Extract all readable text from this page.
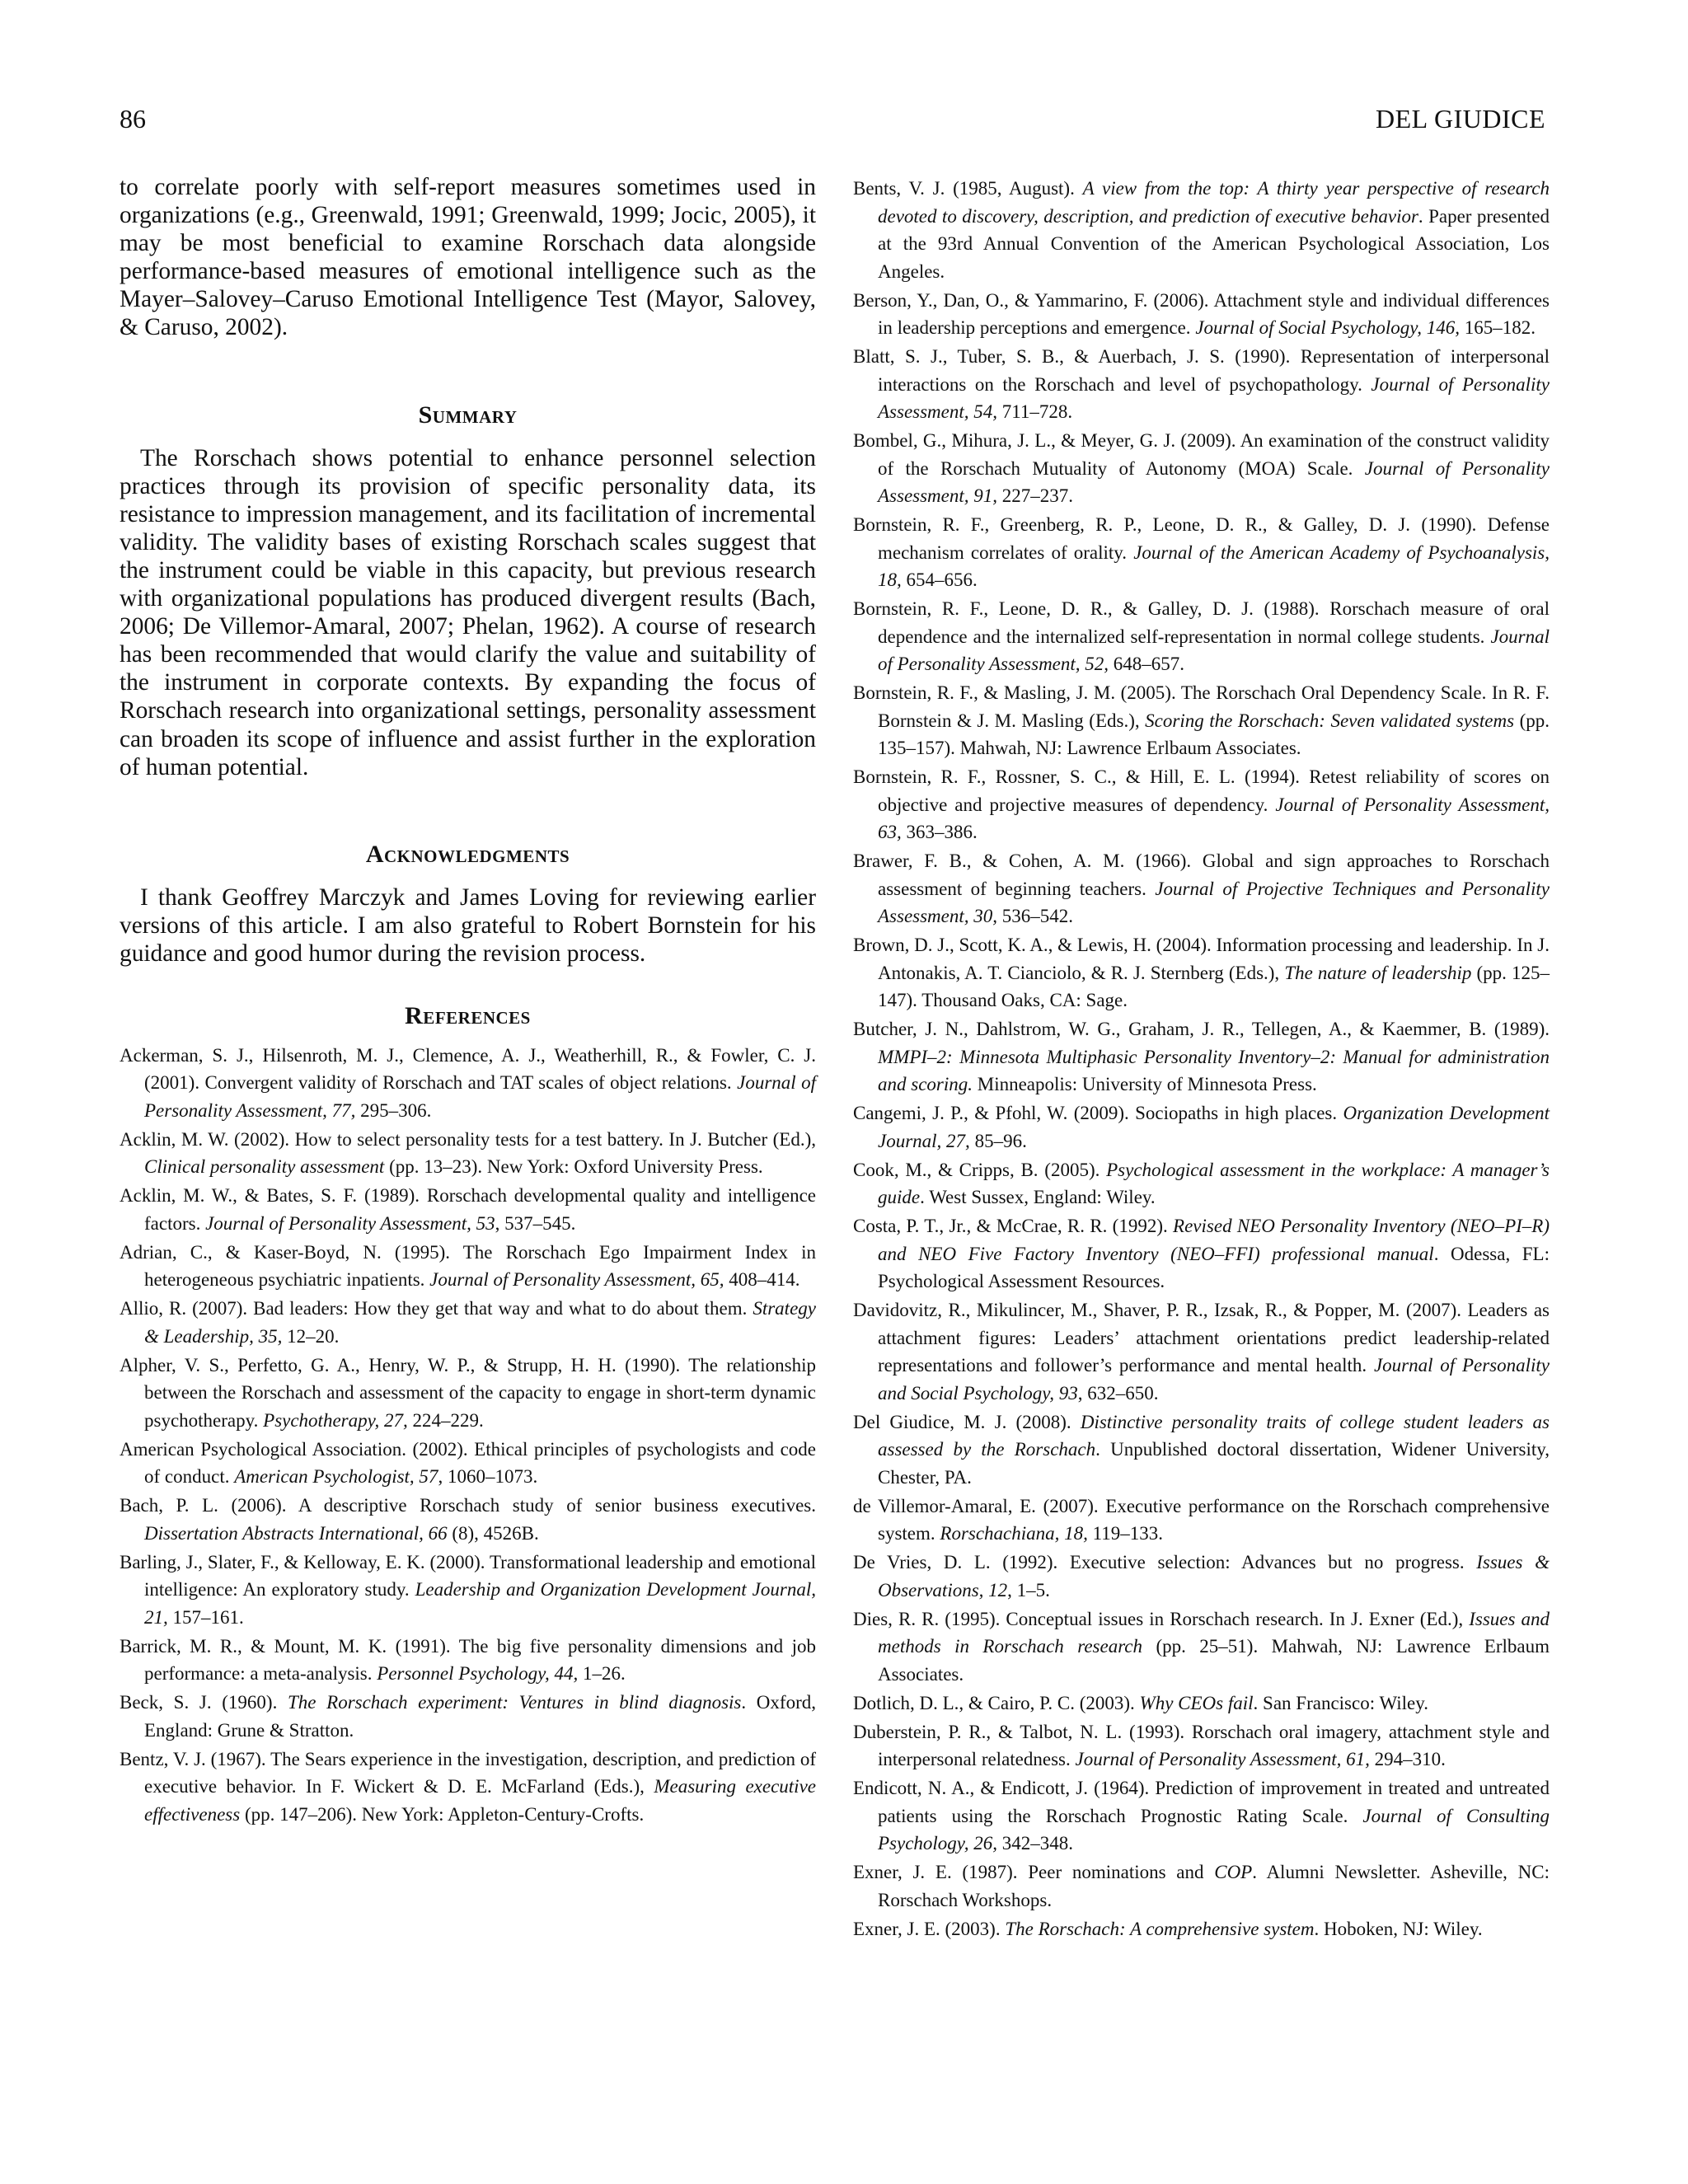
86	DEL GIUDICE

to correlate poorly with self-report measures sometimes used in organizations (e.g., Greenwald, 1991; Greenwald, 1999; Jocic, 2005), it may be most beneficial to examine Rorschach data alongside performance-based measures of emotional intelligence such as the Mayer–Salovey–Caruso Emotional Intelligence Test (Mayor, Salovey, & Caruso, 2002).

Summary

The Rorschach shows potential to enhance personnel selection practices through its provision of specific personality data, its resistance to impression management, and its facilitation of incremental validity. The validity bases of existing Rorschach scales suggest that the instrument could be viable in this capacity, but previous research with organizational populations has produced divergent results (Bach, 2006; De Villemor-Amaral, 2007; Phelan, 1962). A course of research has been recommended that would clarify the value and suitability of the instrument in corporate contexts. By expanding the focus of Rorschach research into organizational settings, personality assessment can broaden its scope of influence and assist further in the exploration of human potential.

Acknowledgments

I thank Geoffrey Marczyk and James Loving for reviewing earlier versions of this article. I am also grateful to Robert Bornstein for his guidance and good humor during the revision process.

References
Ackerman, S. J., Hilsenroth, M. J., Clemence, A. J., Weatherhill, R., & Fowler, C. J. (2001). Convergent validity of Rorschach and TAT scales of object relations. Journal of Personality Assessment, 77, 295–306.
Acklin, M. W. (2002). How to select personality tests for a test battery. In J. Butcher (Ed.), Clinical personality assessment (pp. 13–23). New York: Oxford University Press.
Acklin, M. W., & Bates, S. F. (1989). Rorschach developmental quality and intelligence factors. Journal of Personality Assessment, 53, 537–545.
Adrian, C., & Kaser-Boyd, N. (1995). The Rorschach Ego Impairment Index in heterogeneous psychiatric inpatients. Journal of Personality Assessment, 65, 408–414.
Allio, R. (2007). Bad leaders: How they get that way and what to do about them. Strategy & Leadership, 35, 12–20.
Alpher, V. S., Perfetto, G. A., Henry, W. P., & Strupp, H. H. (1990). The relationship between the Rorschach and assessment of the capacity to engage in short-term dynamic psychotherapy. Psychotherapy, 27, 224–229.
American Psychological Association. (2002). Ethical principles of psychologists and code of conduct. American Psychologist, 57, 1060–1073.
Bach, P. L. (2006). A descriptive Rorschach study of senior business executives. Dissertation Abstracts International, 66 (8), 4526B.
Barling, J., Slater, F., & Kelloway, E. K. (2000). Transformational leadership and emotional intelligence: An exploratory study. Leadership and Organization Development Journal, 21, 157–161.
Barrick, M. R., & Mount, M. K. (1991). The big five personality dimensions and job performance: a meta-analysis. Personnel Psychology, 44, 1–26.
Beck, S. J. (1960). The Rorschach experiment: Ventures in blind diagnosis. Oxford, England: Grune & Stratton.
Bentz, V. J. (1967). The Sears experience in the investigation, description, and prediction of executive behavior. In F. Wickert & D. E. McFarland (Eds.), Measuring executive effectiveness (pp. 147–206). New York: Appleton-Century-Crofts.
Bents, V. J. (1985, August). A view from the top: A thirty year perspective of research devoted to discovery, description, and prediction of executive behavior. Paper presented at the 93rd Annual Convention of the American Psychological Association, Los Angeles.
Berson, Y., Dan, O., & Yammarino, F. (2006). Attachment style and individual differences in leadership perceptions and emergence. Journal of Social Psychology, 146, 165–182.
Blatt, S. J., Tuber, S. B., & Auerbach, J. S. (1990). Representation of interpersonal interactions on the Rorschach and level of psychopathology. Journal of Personality Assessment, 54, 711–728.
Bombel, G., Mihura, J. L., & Meyer, G. J. (2009). An examination of the construct validity of the Rorschach Mutuality of Autonomy (MOA) Scale. Journal of Personality Assessment, 91, 227–237.
Bornstein, R. F., Greenberg, R. P., Leone, D. R., & Galley, D. J. (1990). Defense mechanism correlates of orality. Journal of the American Academy of Psychoanalysis, 18, 654–656.
Bornstein, R. F., Leone, D. R., & Galley, D. J. (1988). Rorschach measure of oral dependence and the internalized self-representation in normal college students. Journal of Personality Assessment, 52, 648–657.
Bornstein, R. F., & Masling, J. M. (2005). The Rorschach Oral Dependency Scale. In R. F. Bornstein & J. M. Masling (Eds.), Scoring the Rorschach: Seven validated systems (pp. 135–157). Mahwah, NJ: Lawrence Erlbaum Associates.
Bornstein, R. F., Rossner, S. C., & Hill, E. L. (1994). Retest reliability of scores on objective and projective measures of dependency. Journal of Personality Assessment, 63, 363–386.
Brawer, F. B., & Cohen, A. M. (1966). Global and sign approaches to Rorschach assessment of beginning teachers. Journal of Projective Techniques and Personality Assessment, 30, 536–542.
Brown, D. J., Scott, K. A., & Lewis, H. (2004). Information processing and leadership. In J. Antonakis, A. T. Cianciolo, & R. J. Sternberg (Eds.), The nature of leadership (pp. 125–147). Thousand Oaks, CA: Sage.
Butcher, J. N., Dahlstrom, W. G., Graham, J. R., Tellegen, A., & Kaemmer, B. (1989). MMPI–2: Minnesota Multiphasic Personality Inventory–2: Manual for administration and scoring. Minneapolis: University of Minnesota Press.
Cangemi, J. P., & Pfohl, W. (2009). Sociopaths in high places. Organization Development Journal, 27, 85–96.
Cook, M., & Cripps, B. (2005). Psychological assessment in the workplace: A manager’s guide. West Sussex, England: Wiley.
Costa, P. T., Jr., & McCrae, R. R. (1992). Revised NEO Personality Inventory (NEO–PI–R) and NEO Five Factory Inventory (NEO–FFI) professional manual. Odessa, FL: Psychological Assessment Resources.
Davidovitz, R., Mikulincer, M., Shaver, P. R., Izsak, R., & Popper, M. (2007). Leaders as attachment figures: Leaders’ attachment orientations predict leadership-related representations and follower’s performance and mental health. Journal of Personality and Social Psychology, 93, 632–650.
Del Giudice, M. J. (2008). Distinctive personality traits of college student leaders as assessed by the Rorschach. Unpublished doctoral dissertation, Widener University, Chester, PA.
de Villemor-Amaral, E. (2007). Executive performance on the Rorschach comprehensive system. Rorschachiana, 18, 119–133.
De Vries, D. L. (1992). Executive selection: Advances but no progress. Issues & Observations, 12, 1–5.
Dies, R. R. (1995). Conceptual issues in Rorschach research. In J. Exner (Ed.), Issues and methods in Rorschach research (pp. 25–51). Mahwah, NJ: Lawrence Erlbaum Associates.
Dotlich, D. L., & Cairo, P. C. (2003). Why CEOs fail. San Francisco: Wiley.
Duberstein, P. R., & Talbot, N. L. (1993). Rorschach oral imagery, attachment style and interpersonal relatedness. Journal of Personality Assessment, 61, 294–310.
Endicott, N. A., & Endicott, J. (1964). Prediction of improvement in treated and untreated patients using the Rorschach Prognostic Rating Scale. Journal of Consulting Psychology, 26, 342–348.
Exner, J. E. (1987). Peer nominations and COP. Alumni Newsletter. Asheville, NC: Rorschach Workshops.
Exner, J. E. (2003). The Rorschach: A comprehensive system. Hoboken, NJ: Wiley.
